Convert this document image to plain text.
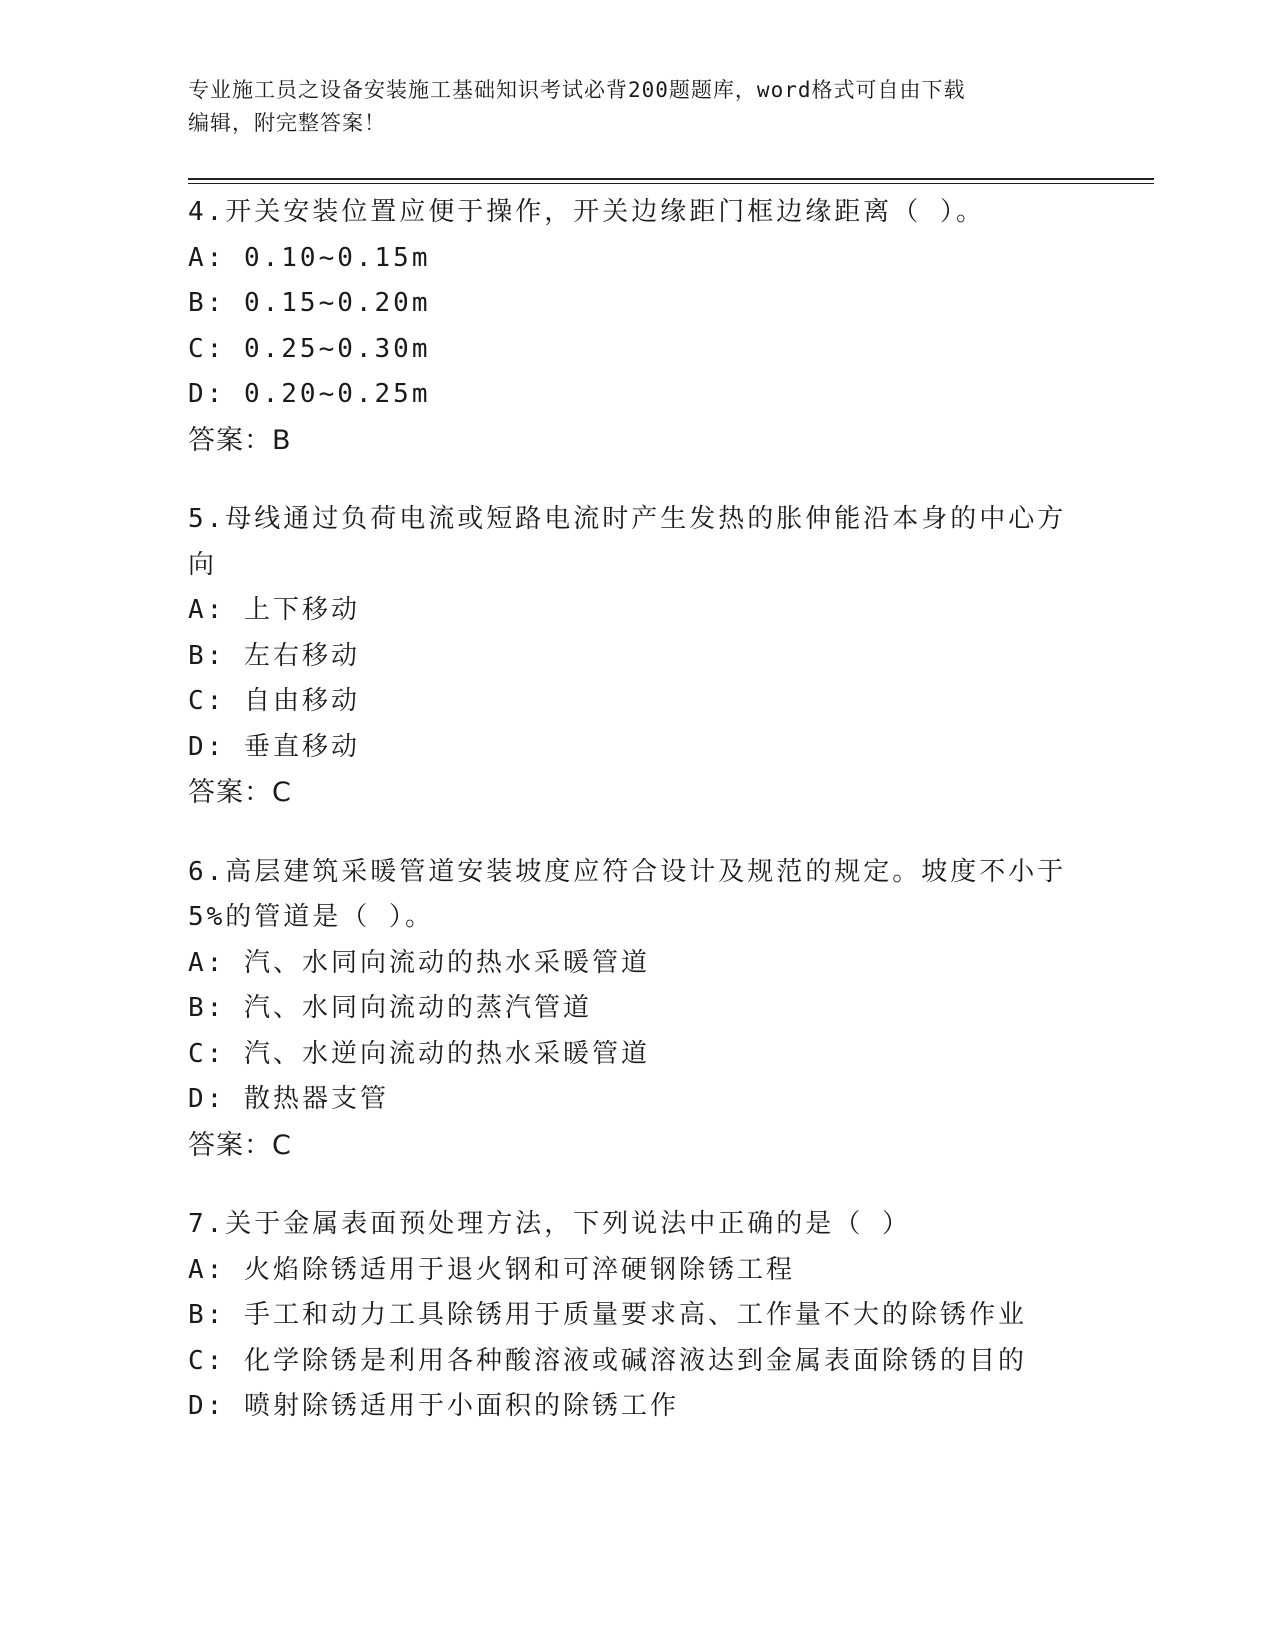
专业施工员之设备安装施工基础知识考试必背200题题库，word格式可自由下载
编辑，附完整答案！

4.开关安装位置应便于操作，开关边缘距门框边缘距离（ ）。

A: 0.10~0.15m

B: 0.15~0.20m

C: 0.25~0.30m

D: 0.20~0.25m

答案：B

5.母线通过负荷电流或短路电流时产生发热的胀伸能沿本身的中心方

向

A: 上下移动

B: 左右移动

C: 自由移动

D: 垂直移动

答案：C

6.高层建筑采暖管道安装坡度应符合设计及规范的规定。坡度不小于

5%的管道是（ ）。

A: 汽、水同向流动的热水采暖管道

B: 汽、水同向流动的蒸汽管道

C: 汽、水逆向流动的热水采暖管道

D: 散热器支管

答案：C

7.关于金属表面预处理方法，下列说法中正确的是（ ）

A: 火焰除锈适用于退火钢和可淬硬钢除锈工程

B: 手工和动力工具除锈用于质量要求高、工作量不大的除锈作业

C: 化学除锈是利用各种酸溶液或碱溶液达到金属表面除锈的目的

D: 喷射除锈适用于小面积的除锈工作
